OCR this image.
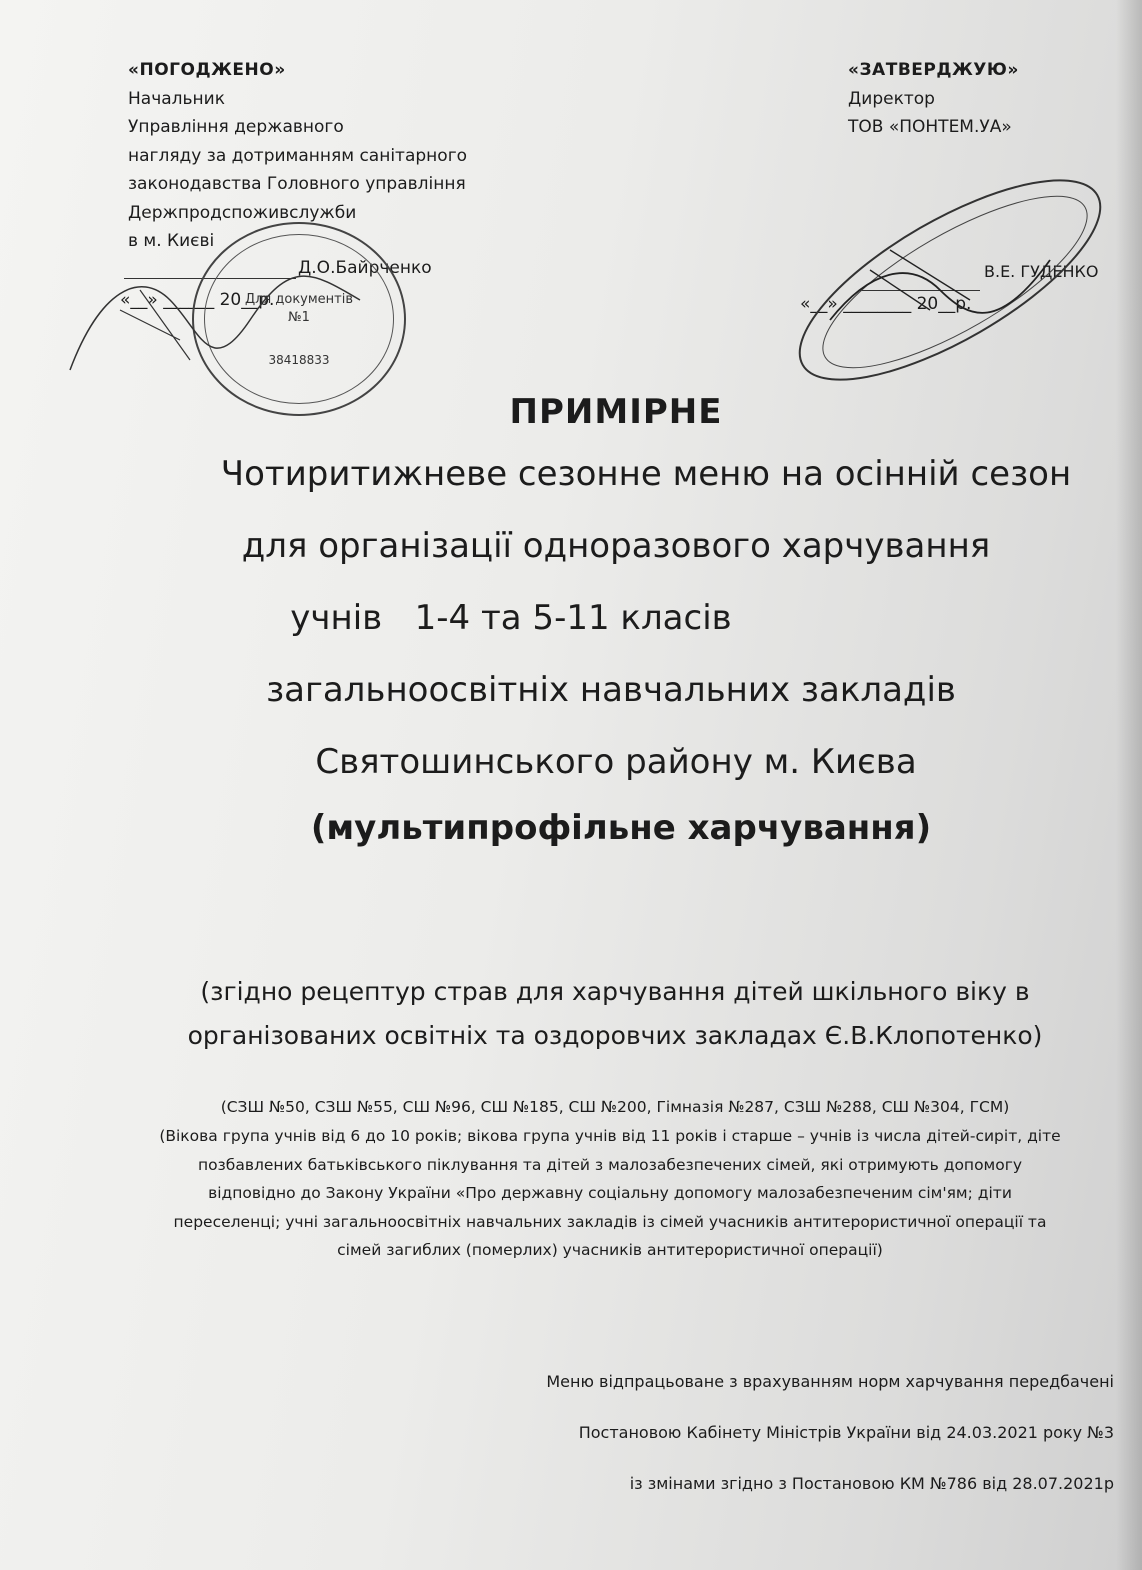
«ПОГОДЖЕНО»
Начальник
Управління державного
нагляду за дотриманням санітарного
законодавства Головного управління
Держпродспоживслужби
в м. Києві
Д.О.Байрченко
«__» ______ 20__р.
Для документів №1
38418833
«ЗАТВЕРДЖУЮ»
Директор
ТОВ «ПОНТЕМ.УА»
В.Е. ГУДЕНКО
«__» ________ 20__р.
ПРИМІРНЕ
Чотиритижневе сезонне меню на осінній сезон
для організації одноразового харчування
учнів   1-4 та 5-11 класів
загальноосвітніх навчальних закладів
Святошинського району м. Києва
(мультипрофільне харчування)
(згідно рецептур страв для харчування дітей шкільного віку в
організованих освітніх та оздоровчих закладах Є.В.Клопотенко)
(СЗШ №50, СЗШ №55, СШ №96, СШ №185, СШ №200, Гімназія №287, СЗШ №288, СШ №304, ГСМ)
(Вікова група учнів від 6 до 10 років; вікова група учнів від 11 років і старше – учнів із числа дітей-сиріт, діте
позбавлених батьківського піклування та дітей з малозабезпечених сімей, які отримують допомогу
відповідно до Закону України «Про державну соціальну допомогу малозабезпеченим сім'ям; діти
переселенці; учні загальноосвітніх навчальних закладів із сімей учасників антитерористичної операції та
сімей загиблих (померлих) учасників антитерористичної операції)
Меню відпрацьоване з врахуванням норм харчування передбачені
Постановою Кабінету Міністрів України від 24.03.2021 року №3
із змінами згідно з Постановою КМ №786 від 28.07.2021р
